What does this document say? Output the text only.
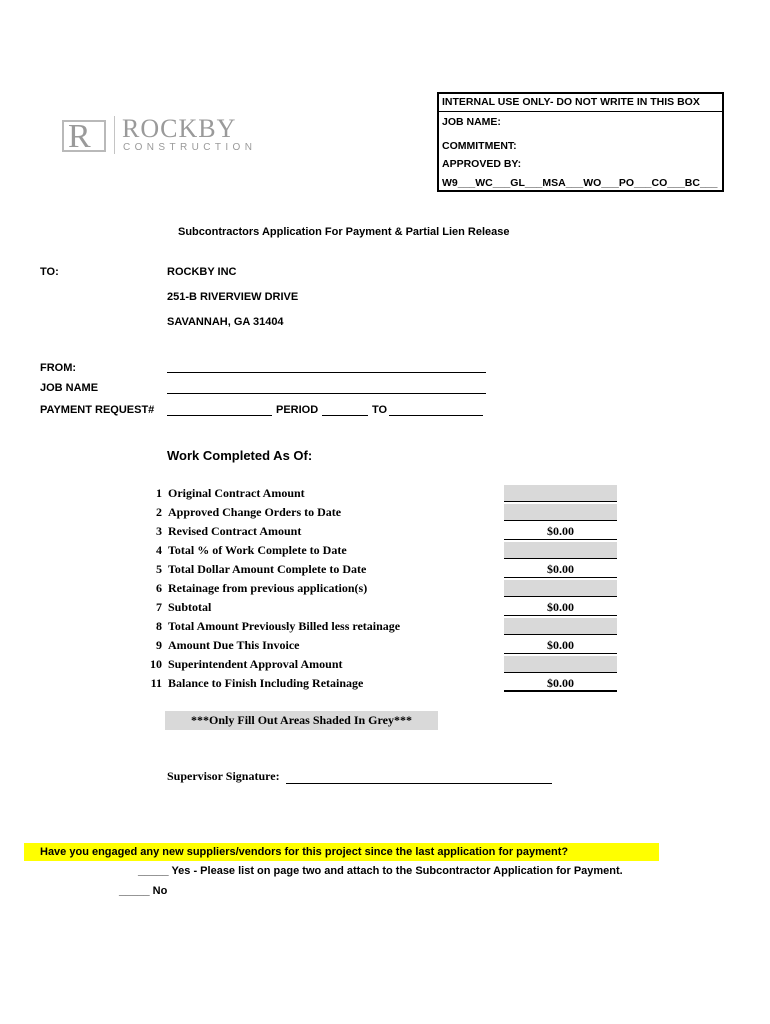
R ROCKBY
CONSTRUCTION
INTERNAL USE ONLY- DO NOT WRITE IN THIS BOX
JOB NAME:
COMMITMENT:
APPROVED BY:
W9___WC___GL___MSA___WO___PO___CO___BC___
Subcontractors Application For Payment & Partial Lien Release
TO:	ROCKBY INC
251-B RIVERVIEW DRIVE
SAVANNAH, GA 31404
FROM:
JOB NAME
PAYMENT REQUEST#	PERIOD	TO
Work Completed As Of:
1 Original Contract Amount
2 Approved Change Orders to Date
3 Revised Contract Amount	$0.00
4 Total % of Work Complete to Date
5 Total Dollar Amount Complete to Date	$0.00
6 Retainage from previous application(s)
7 Subtotal	$0.00
8 Total Amount Previously Billed less retainage
9 Amount Due This Invoice	$0.00
10 Superintendent Approval Amount
11 Balance to Finish Including Retainage	$0.00
***Only Fill Out Areas Shaded In Grey***
Supervisor Signature:
Have you engaged any new suppliers/vendors for this project since the last application for payment?
_____ Yes - Please list on page two and attach to the Subcontractor Application for Payment.
_____ No
